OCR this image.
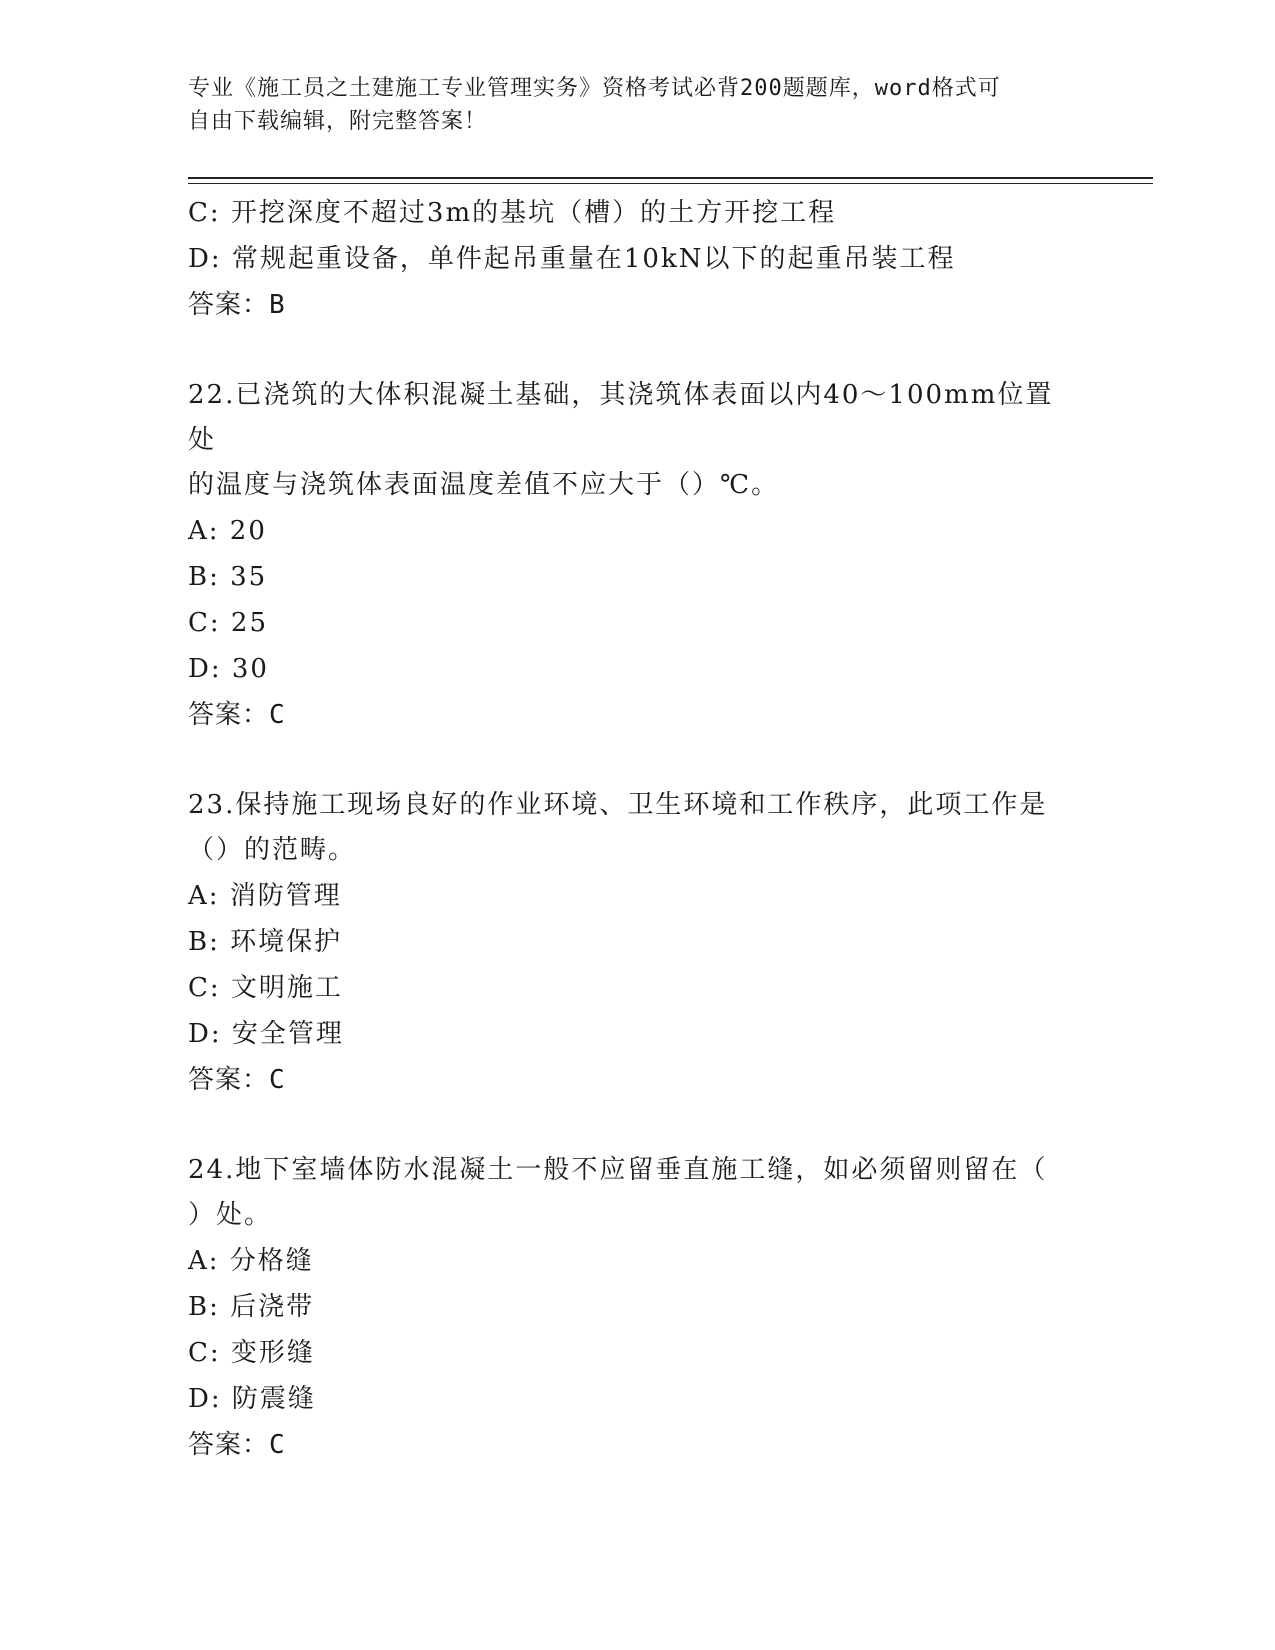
专业《施工员之土建施工专业管理实务》资格考试必背200题题库，word格式可
自由下载编辑，附完整答案！
C: 开挖深度不超过3m的基坑（槽）的土方开挖工程
D: 常规起重设备，单件起吊重量在10kN以下的起重吊装工程
答案：B
22.已浇筑的大体积混凝土基础，其浇筑体表面以内40～100mm位置处
的温度与浇筑体表面温度差值不应大于（）℃。
A: 20
B: 35
C: 25
D: 30
答案：C
23.保持施工现场良好的作业环境、卫生环境和工作秩序，此项工作是
（）的范畴。
A: 消防管理
B: 环境保护
C: 文明施工
D: 安全管理
答案：C
24.地下室墙体防水混凝土一般不应留垂直施工缝，如必须留则留在（
）处。
A: 分格缝
B: 后浇带
C: 变形缝
D: 防震缝
答案：C
